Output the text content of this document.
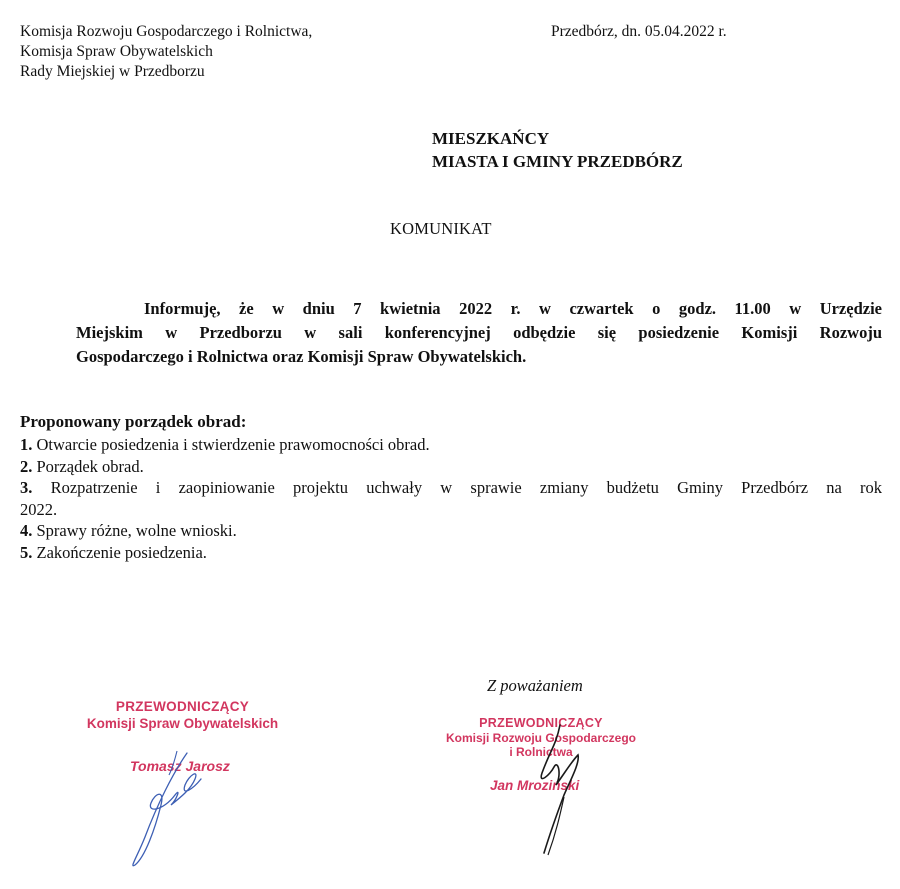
Komisja Rozwoju Gospodarczego i Rolnictwa,
Komisja Spraw Obywatelskich
Rady Miejskiej w Przedborzu
Przedbórz, dn. 05.04.2022 r.
MIESZKAŃCY
MIASTA I GMINY PRZEDBÓRZ
KOMUNIKAT
Informuję, że w dniu 7 kwietnia 2022 r. w czwartek o godz. 11.00 w Urzędzie
Miejskim w Przedborzu w sali konferencyjnej odbędzie się posiedzenie Komisji Rozwoju
Gospodarczego i Rolnictwa oraz Komisji Spraw Obywatelskich.
Proponowany porządek obrad:
1. Otwarcie posiedzenia i stwierdzenie prawomocności obrad.
2. Porządek obrad.
3. Rozpatrzenie i zaopiniowanie projektu uchwały w sprawie zmiany budżetu Gminy Przedbórz na rok
2022.
4. Sprawy różne, wolne wnioski.
5. Zakończenie posiedzenia.
Z poważaniem
PRZEWODNICZĄCY
Komisji Spraw Obywatelskich
Tomasz Jarosz
PRZEWODNICZĄCY
Komisji Rozwoju Gospodarczego
i Rolnictwa
Jan Mroziński
